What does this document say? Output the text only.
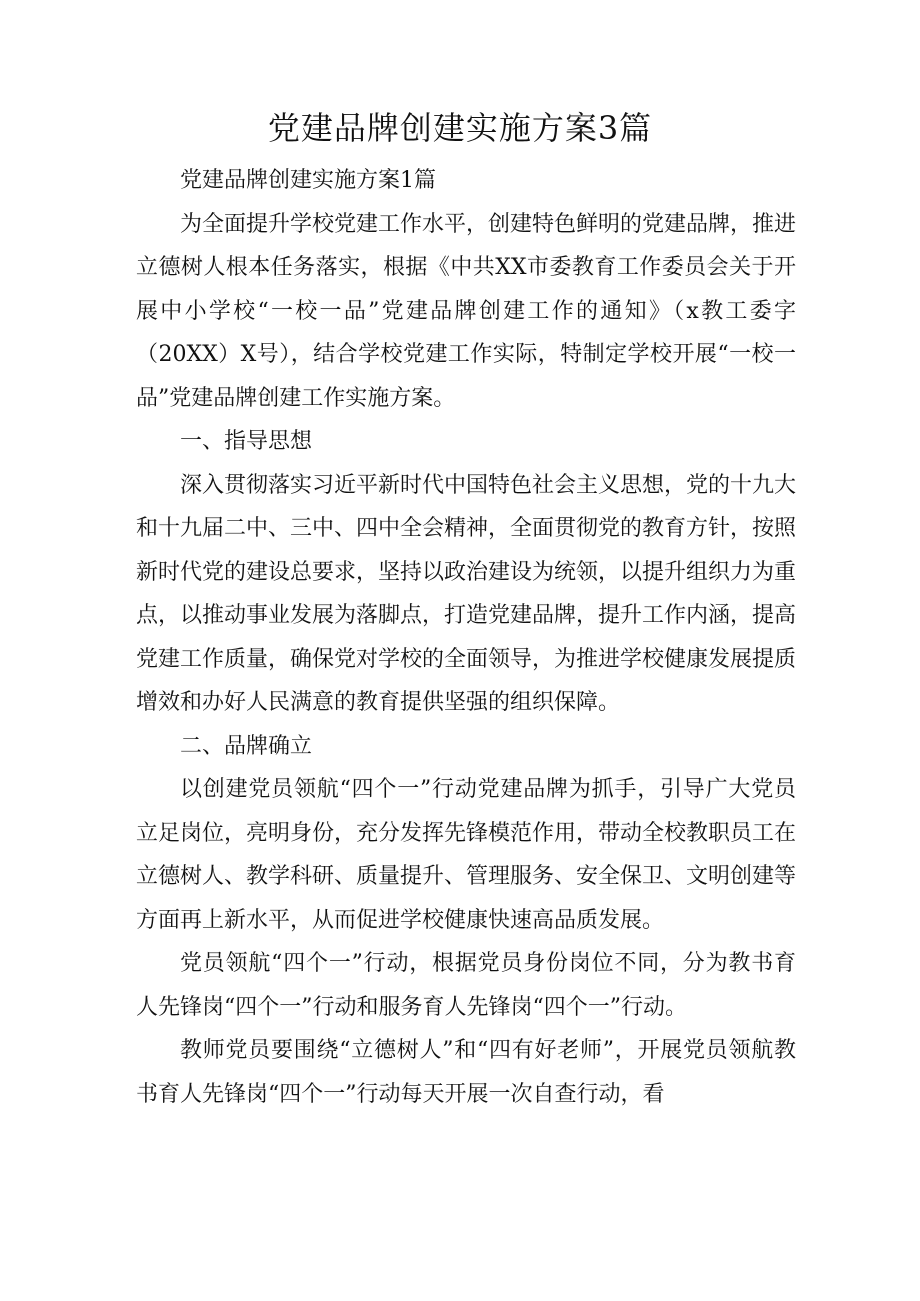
党建品牌创建实施方案3篇

党建品牌创建实施方案1篇

为全面提升学校党建工作水平，创建特色鲜明的党建品牌，推进立德树人根本任务落实，根据《中共XX市委教育工作委员会关于开展中小学校“一校一品”党建品牌创建工作的通知》（x教工委字（20XX）X号），结合学校党建工作实际，特制定学校开展“一校一品”党建品牌创建工作实施方案。

一、指导思想

深入贯彻落实习近平新时代中国特色社会主义思想，党的十九大和十九届二中、三中、四中全会精神，全面贯彻党的教育方针，按照新时代党的建设总要求，坚持以政治建设为统领，以提升组织力为重点，以推动事业发展为落脚点，打造党建品牌，提升工作内涵，提高党建工作质量，确保党对学校的全面领导，为推进学校健康发展提质增效和办好人民满意的教育提供坚强的组织保障。

二、品牌确立

以创建党员领航“四个一”行动党建品牌为抓手，引导广大党员立足岗位，亮明身份，充分发挥先锋模范作用，带动全校教职员工在立德树人、教学科研、质量提升、管理服务、安全保卫、文明创建等方面再上新水平，从而促进学校健康快速高品质发展。

党员领航“四个一”行动，根据党员身份岗位不同，分为教书育人先锋岗“四个一”行动和服务育人先锋岗“四个一”行动。

教师党员要围绕“立德树人”和“四有好老师”，开展党员领航教书育人先锋岗“四个一”行动每天开展一次自查行动，看
